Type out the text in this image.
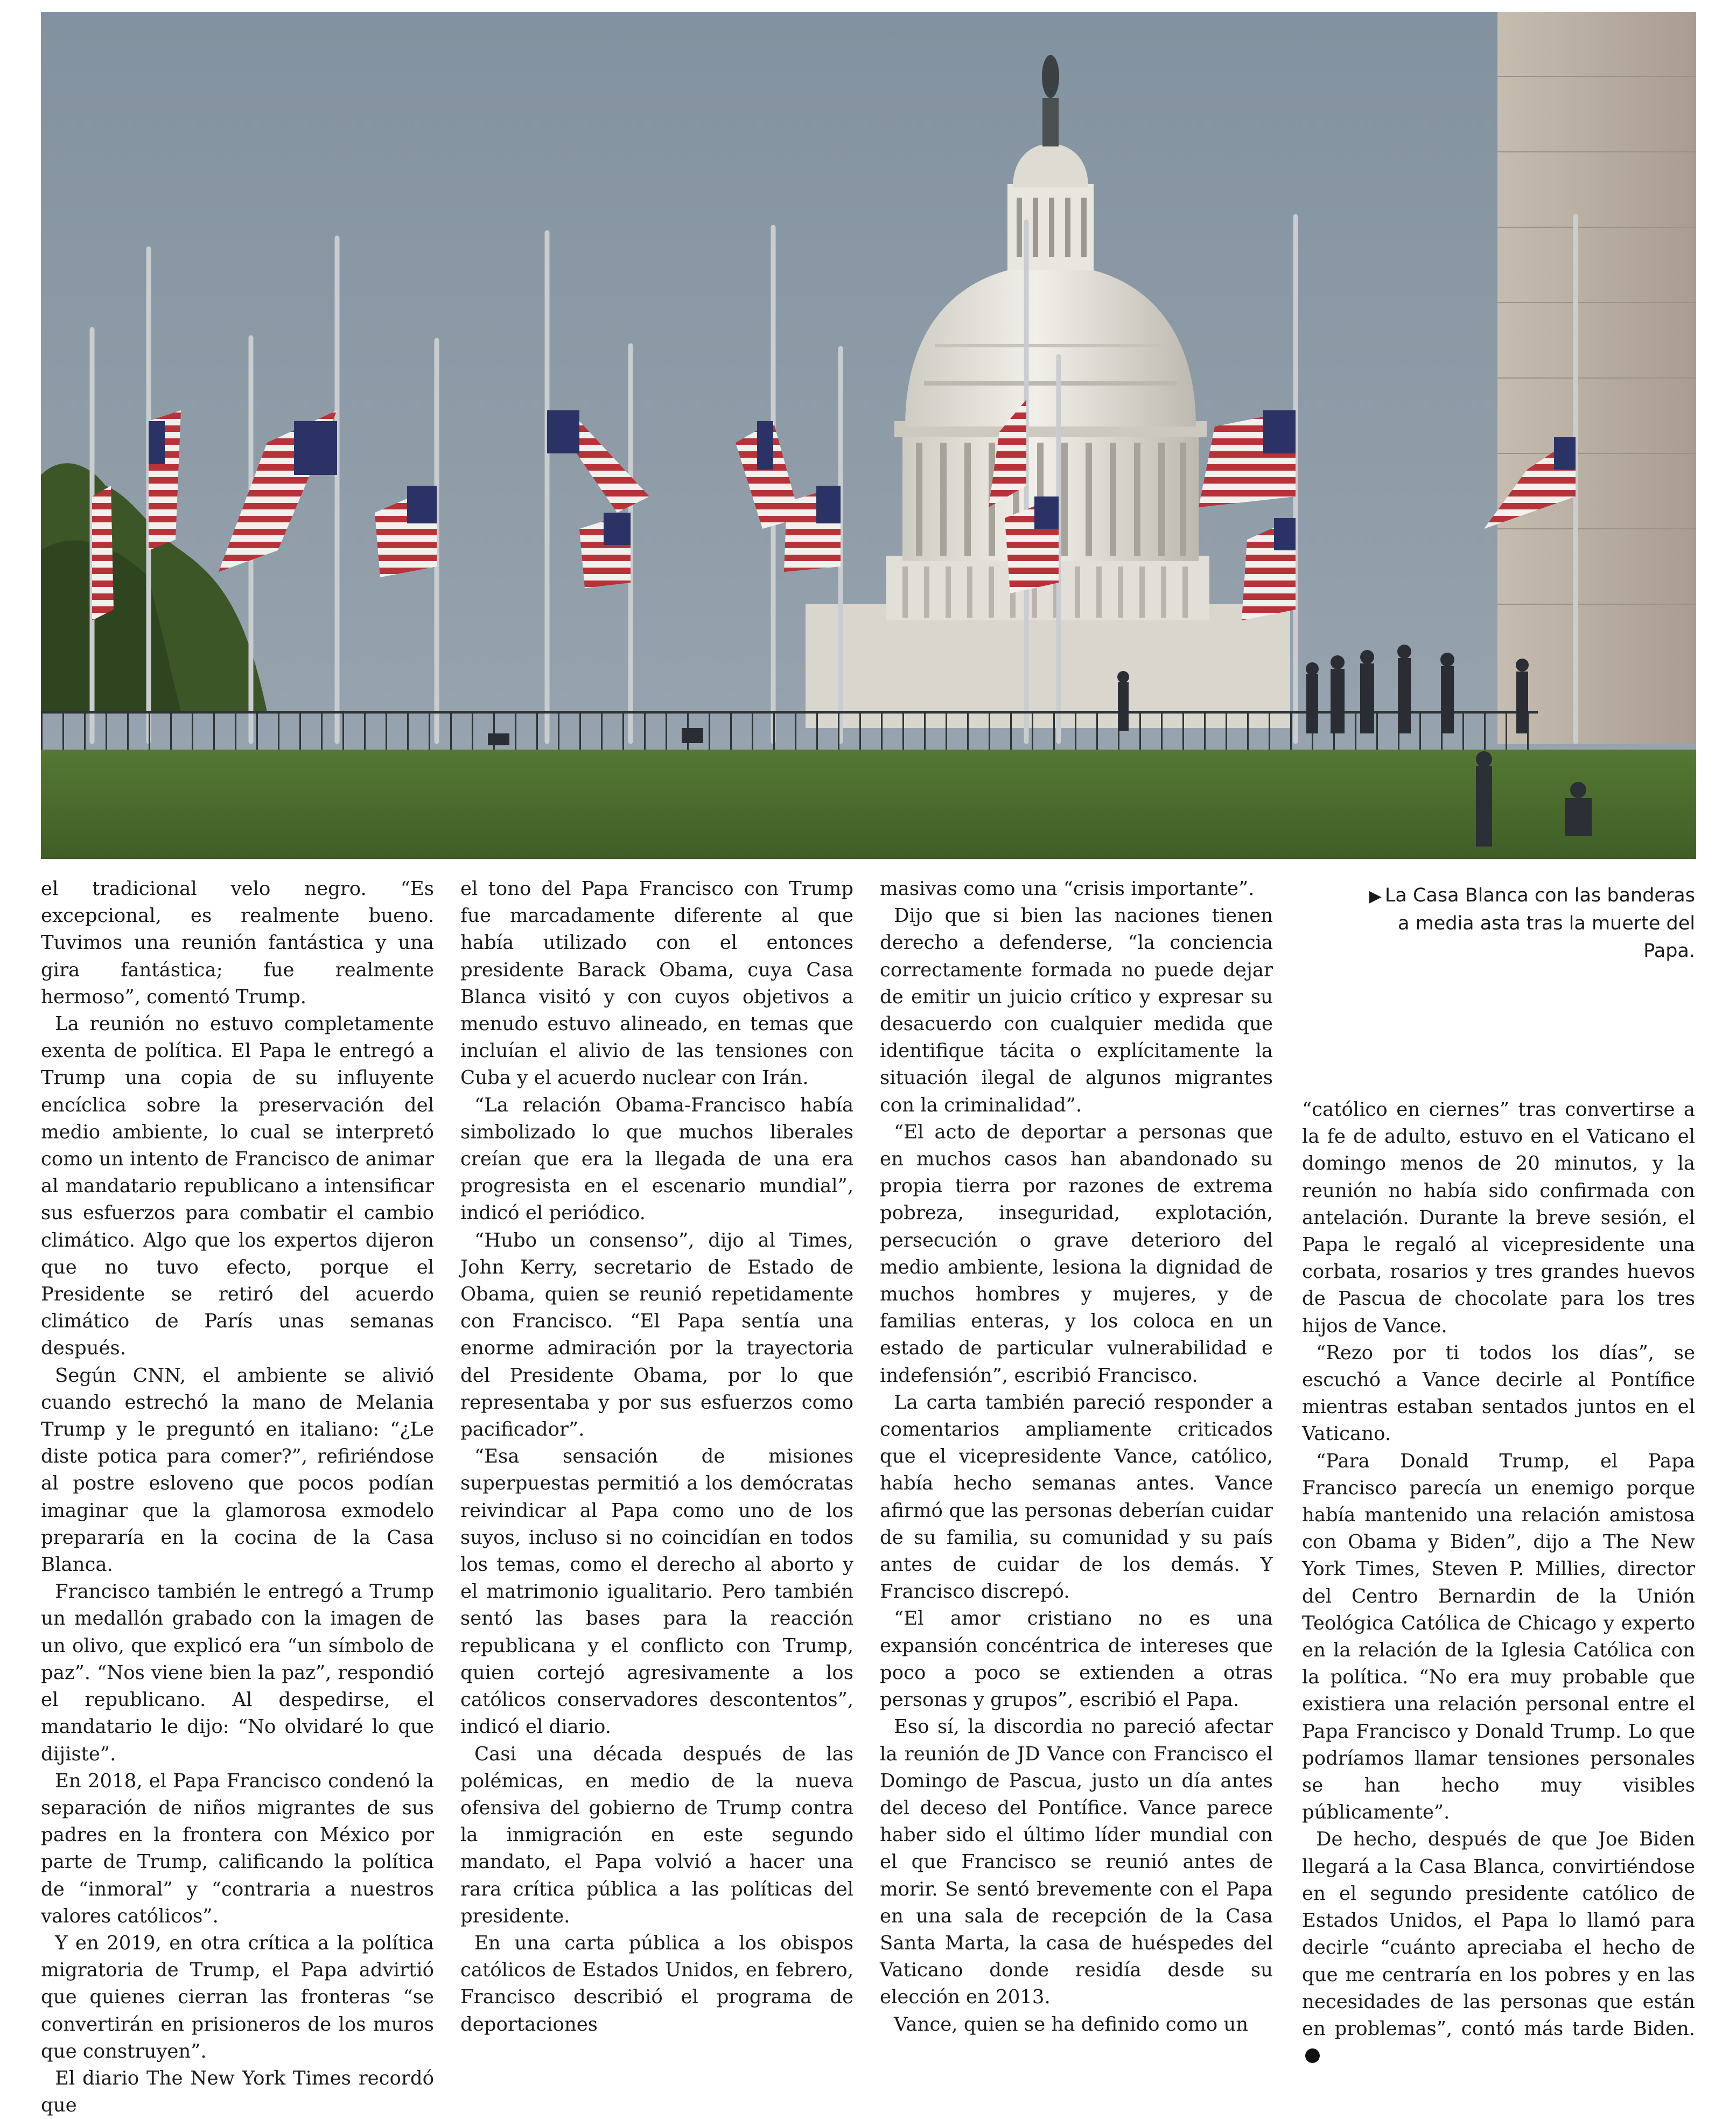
▶ La Casa Blanca con las banderas a media asta tras la muerte del Papa.

el tradicional velo negro. “Es excepcional, es realmente bueno. Tuvimos una reunión fantástica y una gira fantástica; fue realmente hermoso”, comentó Trump.

La reunión no estuvo completamente exenta de política. El Papa le entregó a Trump una copia de su influyente encíclica sobre la preservación del medio ambiente, lo cual se interpretó como un intento de Francisco de animar al mandatario republicano a intensificar sus esfuerzos para combatir el cambio climático. Algo que los expertos dijeron que no tuvo efecto, porque el Presidente se retiró del acuerdo climático de París unas semanas después.

Según CNN, el ambiente se alivió cuando estrechó la mano de Melania Trump y le preguntó en italiano: “¿Le diste potica para comer?”, refiriéndose al postre esloveno que pocos podían imaginar que la glamorosa exmodelo prepararía en la cocina de la Casa Blanca.

Francisco también le entregó a Trump un medallón grabado con la imagen de un olivo, que explicó era “un símbolo de paz”. “Nos viene bien la paz”, respondió el republicano. Al despedirse, el mandatario le dijo: “No olvidaré lo que dijiste”.

En 2018, el Papa Francisco condenó la separación de niños migrantes de sus padres en la frontera con México por parte de Trump, calificando la política de “inmoral” y “contraria a nuestros valores católicos”.

Y en 2019, en otra crítica a la política migratoria de Trump, el Papa advirtió que quienes cierran las fronteras “se convertirán en prisioneros de los muros que construyen”.

El diario The New York Times recordó que

el tono del Papa Francisco con Trump fue marcadamente diferente al que había utilizado con el entonces presidente Barack Obama, cuya Casa Blanca visitó y con cuyos objetivos a menudo estuvo alineado, en temas que incluían el alivio de las tensiones con Cuba y el acuerdo nuclear con Irán.

“La relación Obama-Francisco había simbolizado lo que muchos liberales creían que era la llegada de una era progresista en el escenario mundial”, indicó el periódico.

“Hubo un consenso”, dijo al Times, John Kerry, secretario de Estado de Obama, quien se reunió repetidamente con Francisco. “El Papa sentía una enorme admiración por la trayectoria del Presidente Obama, por lo que representaba y por sus esfuerzos como pacificador”.

“Esa sensación de misiones superpuestas permitió a los demócratas reivindicar al Papa como uno de los suyos, incluso si no coincidían en todos los temas, como el derecho al aborto y el matrimonio igualitario. Pero también sentó las bases para la reacción republicana y el conflicto con Trump, quien cortejó agresivamente a los católicos conservadores descontentos”, indicó el diario.

Casi una década después de las polémicas, en medio de la nueva ofensiva del gobierno de Trump contra la inmigración en este segundo mandato, el Papa volvió a hacer una rara crítica pública a las políticas del presidente.

En una carta pública a los obispos católicos de Estados Unidos, en febrero, Francisco describió el programa de deportaciones

masivas como una “crisis importante”.

Dijo que si bien las naciones tienen derecho a defenderse, “la conciencia correctamente formada no puede dejar de emitir un juicio crítico y expresar su desacuerdo con cualquier medida que identifique tácita o explícitamente la situación ilegal de algunos migrantes con la criminalidad”.

“El acto de deportar a personas que en muchos casos han abandonado su propia tierra por razones de extrema pobreza, inseguridad, explotación, persecución o grave deterioro del medio ambiente, lesiona la dignidad de muchos hombres y mujeres, y de familias enteras, y los coloca en un estado de particular vulnerabilidad e indefensión”, escribió Francisco.

La carta también pareció responder a comentarios ampliamente criticados que el vicepresidente Vance, católico, había hecho semanas antes. Vance afirmó que las personas deberían cuidar de su familia, su comunidad y su país antes de cuidar de los demás. Y Francisco discrepó.

“El amor cristiano no es una expansión concéntrica de intereses que poco a poco se extienden a otras personas y grupos”, escribió el Papa.

Eso sí, la discordia no pareció afectar la reunión de JD Vance con Francisco el Domingo de Pascua, justo un día antes del deceso del Pontífice. Vance parece haber sido el último líder mundial con el que Francisco se reunió antes de morir. Se sentó brevemente con el Papa en una sala de recepción de la Casa Santa Marta, la casa de huéspedes del Vaticano donde residía desde su elección en 2013.

Vance, quien se ha definido como un

“católico en ciernes” tras convertirse a la fe de adulto, estuvo en el Vaticano el domingo menos de 20 minutos, y la reunión no había sido confirmada con antelación. Durante la breve sesión, el Papa le regaló al vicepresidente una corbata, rosarios y tres grandes huevos de Pascua de chocolate para los tres hijos de Vance.

“Rezo por ti todos los días”, se escuchó a Vance decirle al Pontífice mientras estaban sentados juntos en el Vaticano.

“Para Donald Trump, el Papa Francisco parecía un enemigo porque había mantenido una relación amistosa con Obama y Biden”, dijo a The New York Times, Steven P. Millies, director del Centro Bernardin de la Unión Teológica Católica de Chicago y experto en la relación de la Iglesia Católica con la política. “No era muy probable que existiera una relación personal entre el Papa Francisco y Donald Trump. Lo que podríamos llamar tensiones personales se han hecho muy visibles públicamente”.

De hecho, después de que Joe Biden llegará a la Casa Blanca, convirtiéndose en el segundo presidente católico de Estados Unidos, el Papa lo llamó para decirle “cuánto apreciaba el hecho de que me centraría en los pobres y en las necesidades de las personas que están en problemas”, contó más tarde Biden.
